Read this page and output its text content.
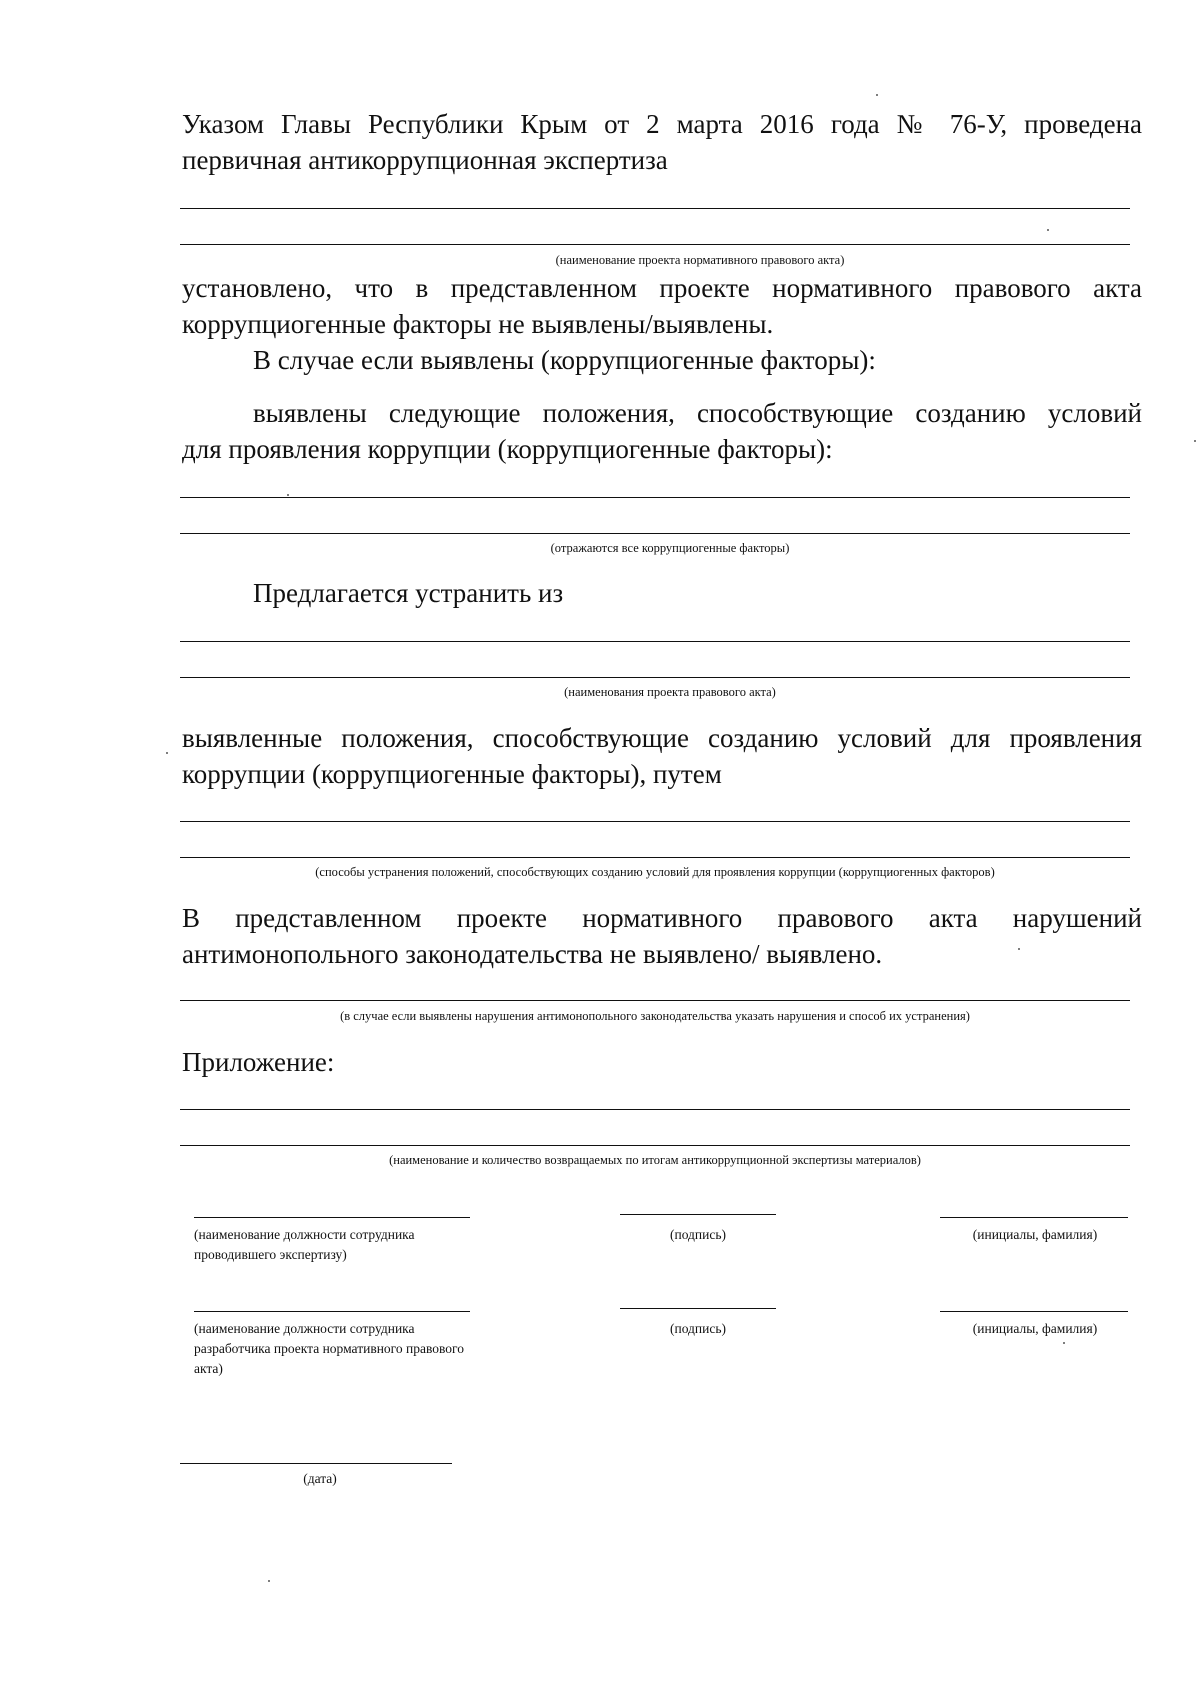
Указом Главы Республики Крым от 2 марта 2016 года № 76-У, проведена
первичная антикоррупционная экспертиза
(наименование проекта нормативного правового акта)
установлено, что в представленном проекте нормативного правового акта
коррупциогенные факторы не выявлены/выявлены.
В случае если выявлены (коррупциогенные факторы):
выявлены следующие положения, способствующие созданию условий
для проявления коррупции (коррупциогенные факторы):
(отражаются все коррупциогенные факторы)
Предлагается устранить из
(наименования проекта правового акта)
выявленные положения, способствующие созданию условий для проявления
коррупции (коррупциогенные факторы), путем
(способы устранения положений, способствующих созданию условий для проявления коррупции (коррупциогенных факторов)
В представленном проекте нормативного правового акта нарушений
антимонопольного законодательства не выявлено/ выявлено.
(в случае если выявлены нарушения антимонопольного законодательства указать нарушения и способ их устранения)
Приложение:
(наименование и количество возвращаемых по итогам антикоррупционной экспертизы материалов)
(наименование должности сотрудника проводившего экспертизу)
(подпись)	(инициалы, фамилия)
(наименование должности сотрудника разработчика проекта нормативного правового акта)
(подпись)	(инициалы, фамилия)
(дата)
